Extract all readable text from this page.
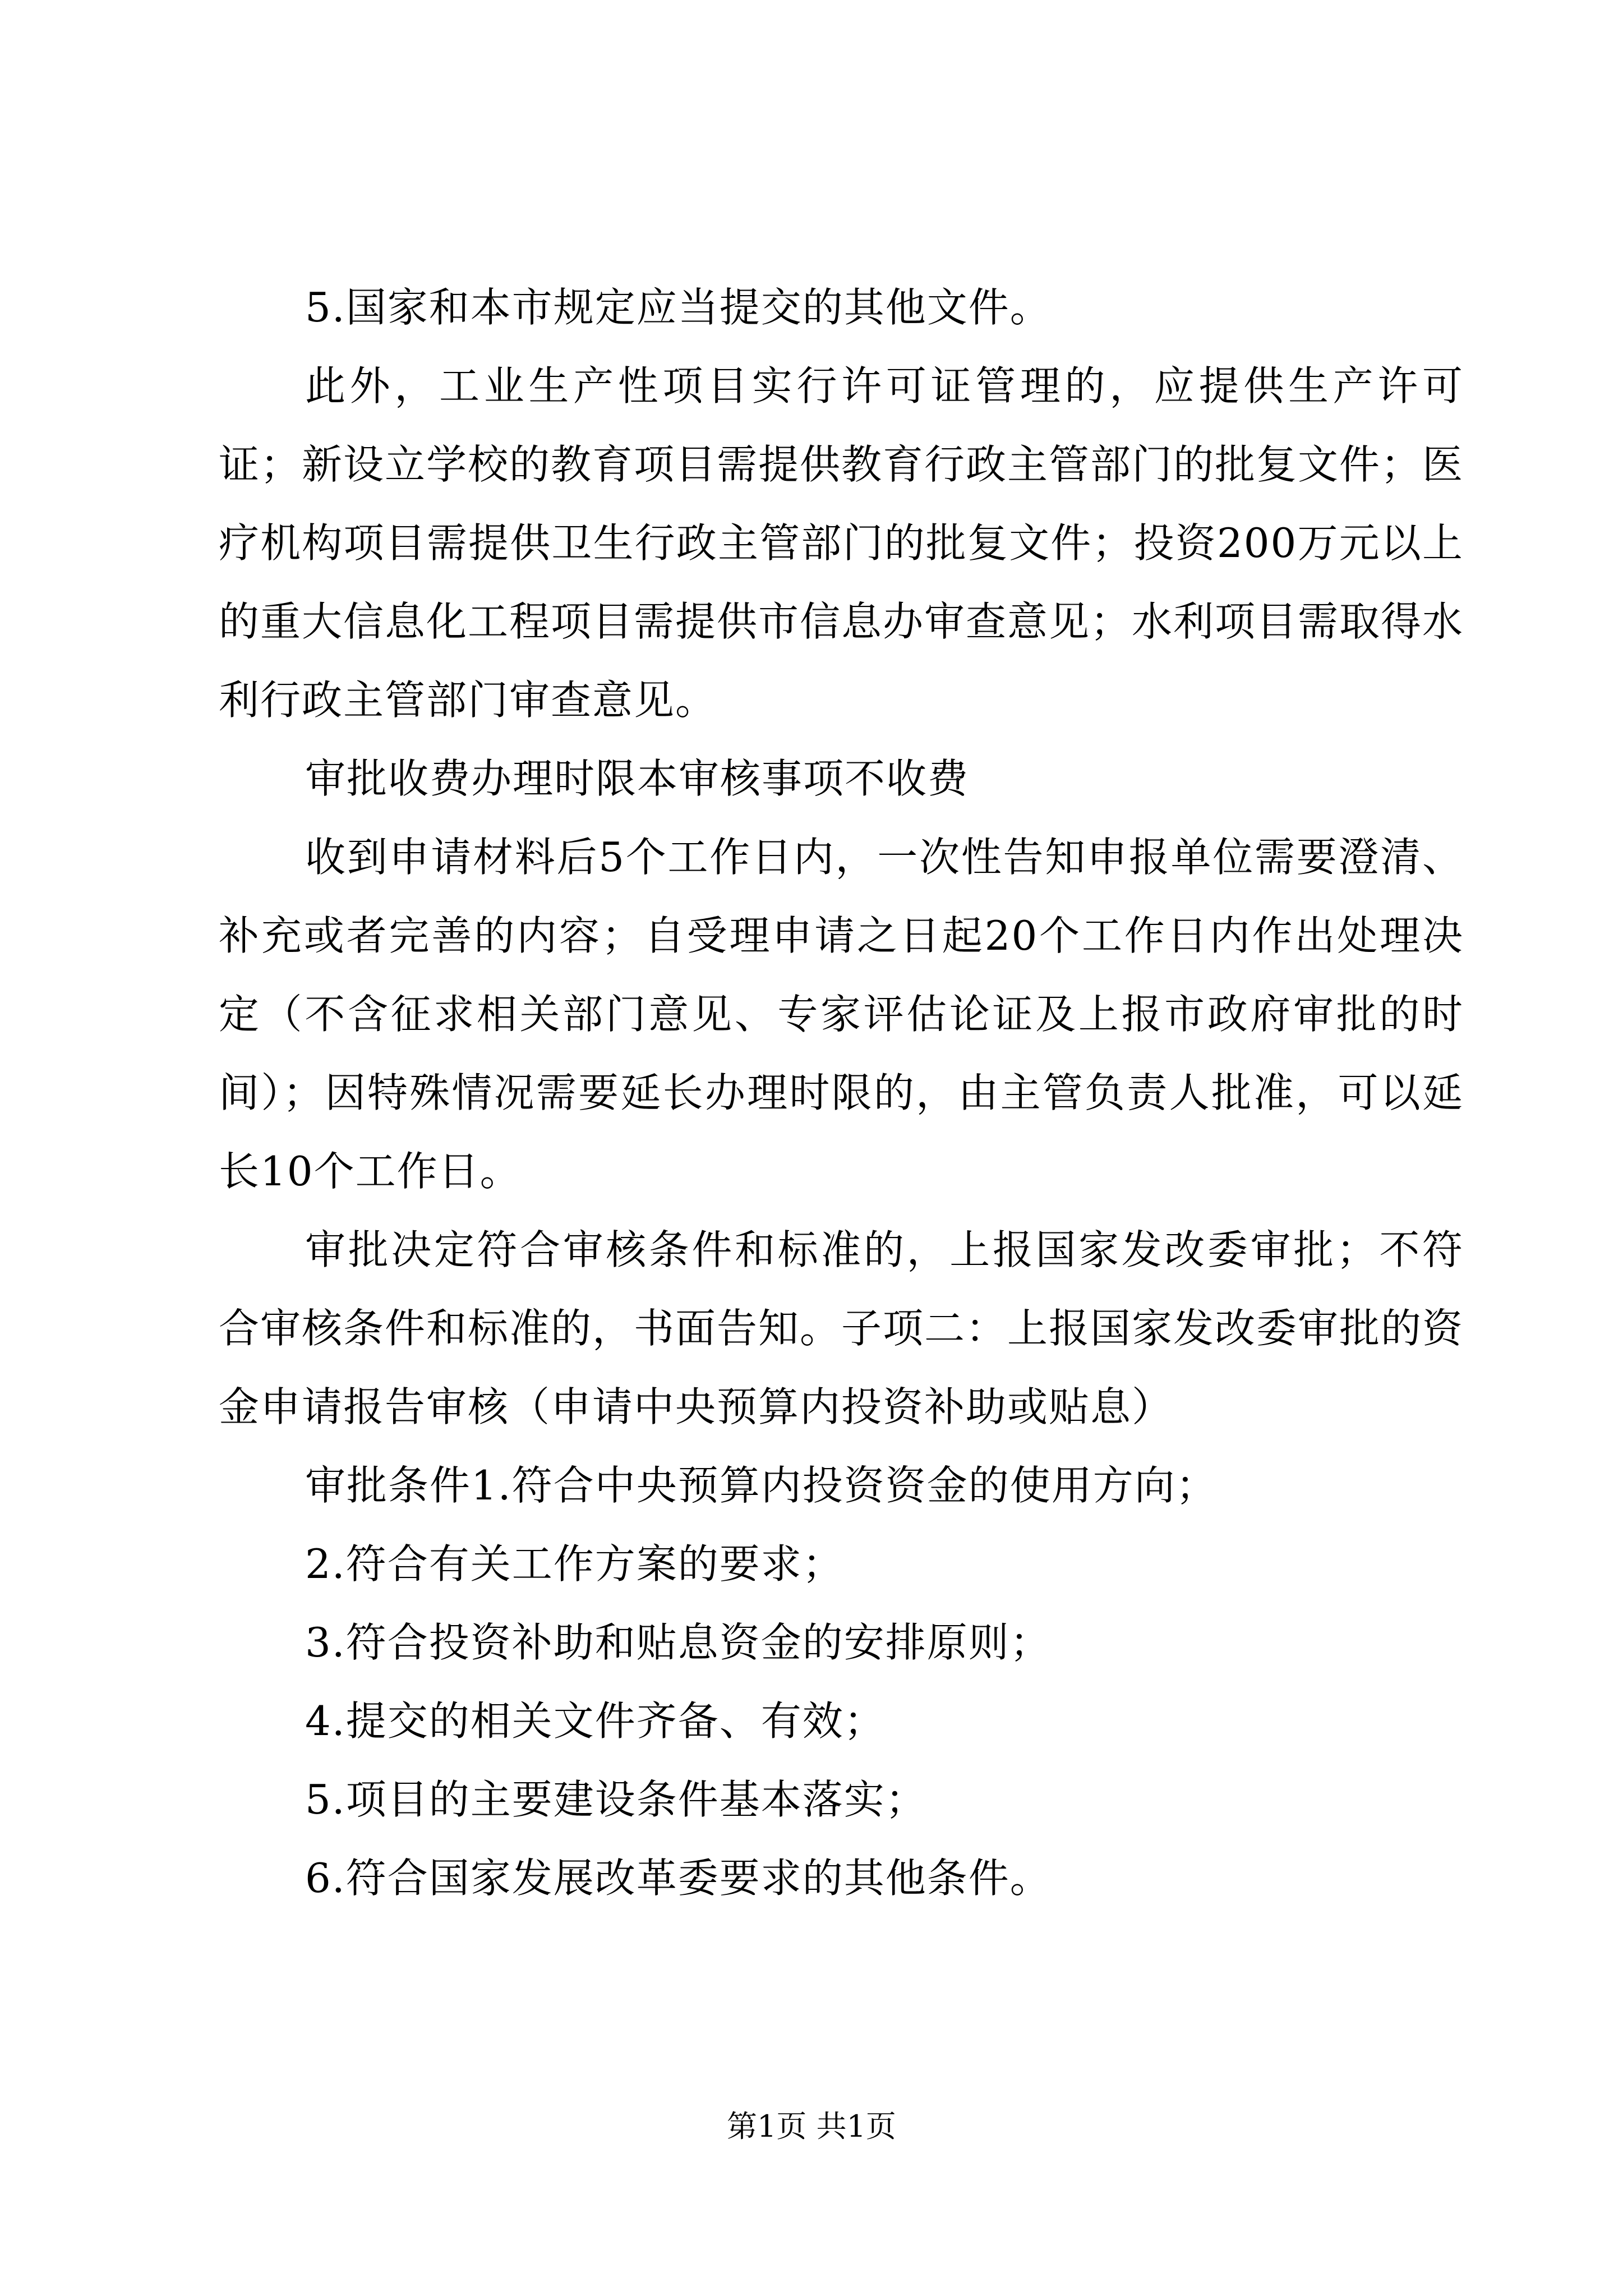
5.国家和本市规定应当提交的其他文件。

此外，工业生产性项目实行许可证管理的，应提供生产许可证；新设立学校的教育项目需提供教育行政主管部门的批复文件；医疗机构项目需提供卫生行政主管部门的批复文件；投资200万元以上的重大信息化工程项目需提供市信息办审查意见；水利项目需取得水利行政主管部门审查意见。

审批收费办理时限本审核事项不收费

收到申请材料后5个工作日内，一次性告知申报单位需要澄清、补充或者完善的内容；自受理申请之日起20个工作日内作出处理决定（不含征求相关部门意见、专家评估论证及上报市政府审批的时间）；因特殊情况需要延长办理时限的，由主管负责人批准，可以延长10个工作日。

审批决定符合审核条件和标准的，上报国家发改委审批；不符合审核条件和标准的，书面告知。子项二：上报国家发改委审批的资金申请报告审核（申请中央预算内投资补助或贴息）

审批条件1.符合中央预算内投资资金的使用方向；

2.符合有关工作方案的要求；

3.符合投资补助和贴息资金的安排原则；

4.提交的相关文件齐备、有效；

5.项目的主要建设条件基本落实；

6.符合国家发展改革委要求的其他条件。

第1页 共1页
